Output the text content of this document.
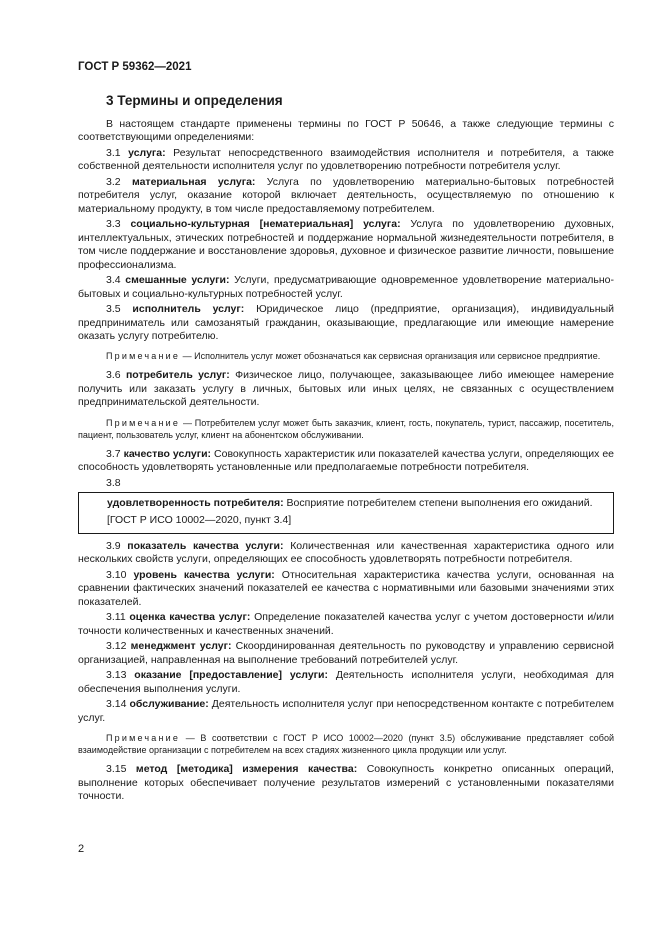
ГОСТ Р 59362—2021
3 Термины и определения

В настоящем стандарте применены термины по ГОСТ Р 50646, а также следующие термины с соответствующими определениями:

3.1 услуга: Результат непосредственного взаимодействия исполнителя и потребителя, а также собственной деятельности исполнителя услуг по удовлетворению потребности потребителя услуг.

3.2 материальная услуга: Услуга по удовлетворению материально-бытовых потребностей потребителя услуг, оказание которой включает деятельность, осуществляемую по отношению к материальному продукту, в том числе предоставляемому потребителем.

3.3 социально-культурная [нематериальная] услуга: Услуга по удовлетворению духовных, интеллектуальных, этических потребностей и поддержание нормальной жизнедеятельности потребителя, в том числе поддержание и восстановление здоровья, духовное и физическое развитие личности, повышение профессионализма.

3.4 смешанные услуги: Услуги, предусматривающие одновременное удовлетворение материально-бытовых и социально-культурных потребностей услуг.

3.5 исполнитель услуг: Юридическое лицо (предприятие, организация), индивидуальный предприниматель или самозанятый гражданин, оказывающие, предлагающие или имеющие намерение оказать услугу потребителю.

Примечание — Исполнитель услуг может обозначаться как сервисная организация или сервисное предприятие.

3.6 потребитель услуг: Физическое лицо, получающее, заказывающее либо имеющее намерение получить или заказать услугу в личных, бытовых или иных целях, не связанных с осуществлением предпринимательской деятельности.

Примечание — Потребителем услуг может быть заказчик, клиент, гость, покупатель, турист, пассажир, посетитель, пациент, пользователь услуг, клиент на абонентском обслуживании.

3.7 качество услуги: Совокупность характеристик или показателей качества услуги, определяющих ее способность удовлетворять установленные или предполагаемые потребности потребителя.

3.8

удовлетворенность потребителя: Восприятие потребителем степени выполнения его ожиданий.

[ГОСТ Р ИСО 10002—2020, пункт 3.4]

3.9 показатель качества услуги: Количественная или качественная характеристика одного или нескольких свойств услуги, определяющих ее способность удовлетворять потребности потребителя.

3.10 уровень качества услуги: Относительная характеристика качества услуги, основанная на сравнении фактических значений показателей ее качества с нормативными или базовыми значениями этих показателей.

3.11 оценка качества услуг: Определение показателей качества услуг с учетом достоверности и/или точности количественных и качественных значений.

3.12 менеджмент услуг: Скоординированная деятельность по руководству и управлению сервисной организацией, направленная на выполнение требований потребителей услуг.

3.13 оказание [предоставление] услуги: Деятельность исполнителя услуги, необходимая для обеспечения выполнения услуги.

3.14 обслуживание: Деятельность исполнителя услуг при непосредственном контакте с потребителем услуг.

Примечание — В соответствии с ГОСТ Р ИСО 10002—2020 (пункт 3.5) обслуживание представляет собой взаимодействие организации с потребителем на всех стадиях жизненного цикла продукции или услуг.

3.15 метод [методика] измерения качества: Совокупность конкретно описанных операций, выполнение которых обеспечивает получение результатов измерений с установленными показателями точности.

2
